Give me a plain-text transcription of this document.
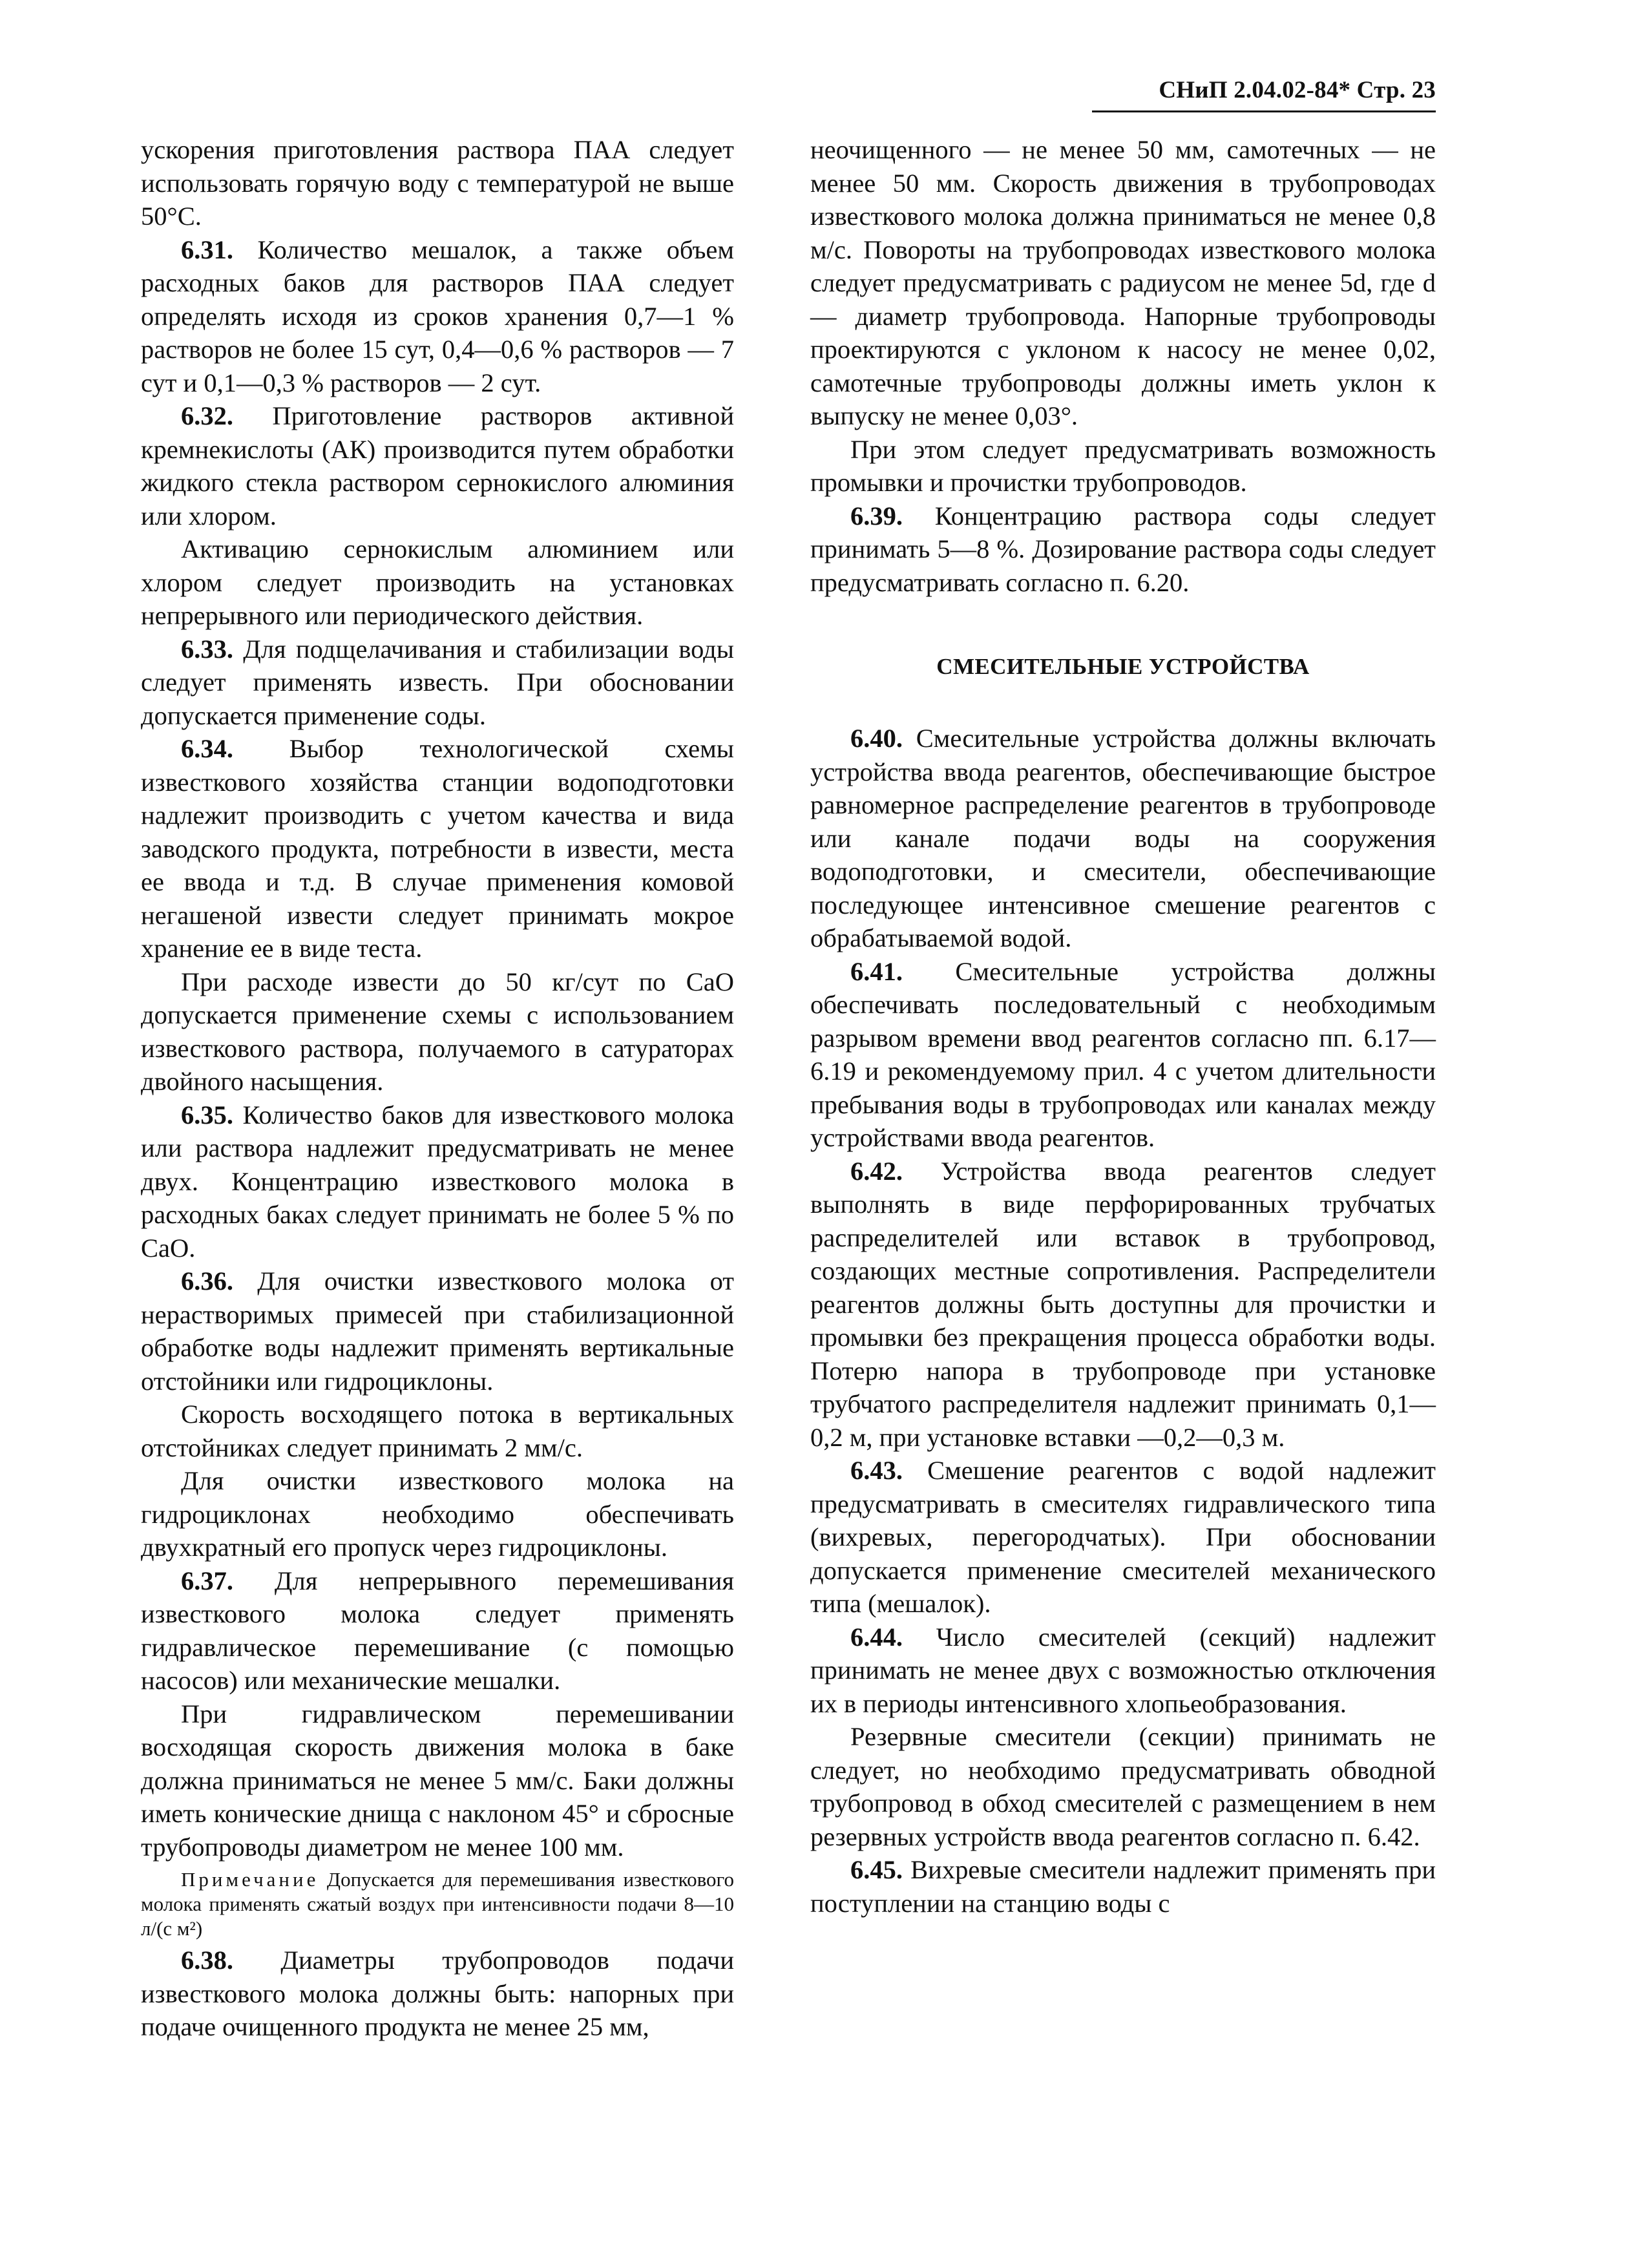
СНиП 2.04.02-84* Стр. 23

ускорения приготовления раствора ПАА следует использовать горячую воду с температурой не выше 50°С.

6.31. Количество мешалок, а также объем расходных баков для растворов ПАА следует определять исходя из сроков хранения 0,7—1 % растворов не более 15 сут, 0,4—0,6 % растворов — 7 сут и 0,1—0,3 % растворов — 2 сут.

6.32. Приготовление растворов активной кремнекислоты (АК) производится путем обработки жидкого стекла раствором сернокислого алюминия или хлором.

Активацию сернокислым алюминием или хлором следует производить на установках непрерывного или периодического действия.

6.33. Для подщелачивания и стабилизации воды следует применять известь. При обосновании допускается применение соды.

6.34. Выбор технологической схемы известкового хозяйства станции водоподготовки надлежит производить с учетом качества и вида заводского продукта, потребности в извести, места ее ввода и т.д. В случае применения комовой негашеной извести следует принимать мокрое хранение ее в виде теста.

При расходе извести до 50 кг/сут по СаО допускается применение схемы с использованием известкового раствора, получаемого в сатураторах двойного насыщения.

6.35. Количество баков для известкового молока или раствора надлежит предусматривать не менее двух. Концентрацию известкового молока в расходных баках следует принимать не более 5 % по СаО.

6.36. Для очистки известкового молока от нерастворимых примесей при стабилизационной обработке воды надлежит применять вертикальные отстойники или гидроциклоны.

Скорость восходящего потока в вертикальных отстойниках следует принимать 2 мм/с.

Для очистки известкового молока на гидроциклонах необходимо обеспечивать двухкратный его пропуск через гидроциклоны.

6.37. Для непрерывного перемешивания известкового молока следует применять гидравлическое перемешивание (с помощью насосов) или механические мешалки.

При гидравлическом перемешивании восходящая скорость движения молока в баке должна приниматься не менее 5 мм/с. Баки должны иметь конические днища с наклоном 45° и сбросные трубопроводы диаметром не менее 100 мм.

Примечание Допускается для перемешивания известкового молока применять сжатый воздух при интенсивности подачи 8—10 л/(с м²)

6.38. Диаметры трубопроводов подачи известкового молока должны быть: напорных при подаче очищенного продукта не менее 25 мм,

неочищенного — не менее 50 мм, самотечных — не менее 50 мм. Скорость движения в трубопроводах известкового молока должна приниматься не менее 0,8 м/с. Повороты на трубопроводах известкового молока следует предусматривать с радиусом не менее 5d, где d — диаметр трубопровода. Напорные трубопроводы проектируются с уклоном к насосу не менее 0,02, самотечные трубопроводы должны иметь уклон к выпуску не менее 0,03°.

При этом следует предусматривать возможность промывки и прочистки трубопроводов.

6.39. Концентрацию раствора соды следует принимать 5—8 %. Дозирование раствора соды следует предусматривать согласно п. 6.20.

СМЕСИТЕЛЬНЫЕ УСТРОЙСТВА

6.40. Смесительные устройства должны включать устройства ввода реагентов, обеспечивающие быстрое равномерное распределение реагентов в трубопроводе или канале подачи воды на сооружения водоподготовки, и смесители, обеспечивающие последующее интенсивное смешение реагентов с обрабатываемой водой.

6.41. Смесительные устройства должны обеспечивать последовательный с необходимым разрывом времени ввод реагентов согласно пп. 6.17—6.19 и рекомендуемому прил. 4 с учетом длительности пребывания воды в трубопроводах или каналах между устройствами ввода реагентов.

6.42. Устройства ввода реагентов следует выполнять в виде перфорированных трубчатых распределителей или вставок в трубопровод, создающих местные сопротивления. Распределители реагентов должны быть доступны для прочистки и промывки без прекращения процесса обработки воды. Потерю напора в трубопроводе при установке трубчатого распределителя надлежит принимать 0,1—0,2 м, при установке вставки —0,2—0,3 м.

6.43. Смешение реагентов с водой надлежит предусматривать в смесителях гидравлического типа (вихревых, перегородчатых). При обосновании допускается применение смесителей механического типа (мешалок).

6.44. Число смесителей (секций) надлежит принимать не менее двух с возможностью отключения их в периоды интенсивного хлопьеобразования.

Резервные смесители (секции) принимать не следует, но необходимо предусматривать обводной трубопровод в обход смесителей с размещением в нем резервных устройств ввода реагентов согласно п. 6.42.

6.45. Вихревые смесители надлежит применять при поступлении на станцию воды с
